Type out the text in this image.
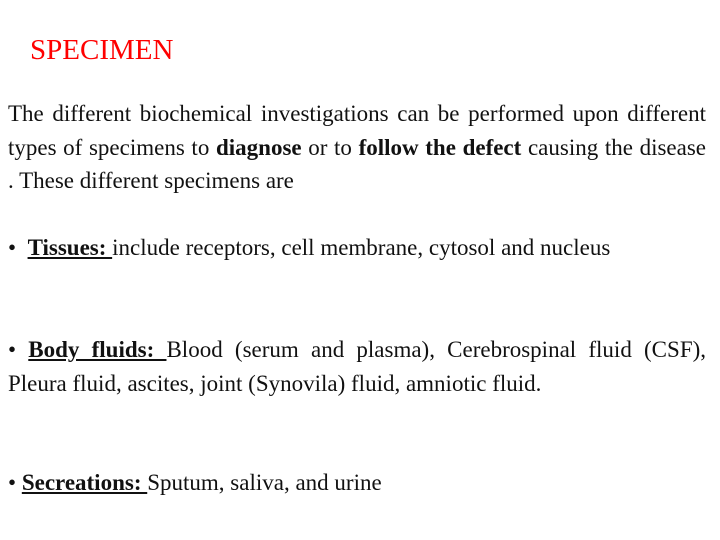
SPECIMEN

The different biochemical investigations can be performed upon different types of specimens to diagnose or to follow the defect causing the disease . These different specimens are

• Tissues: include receptors, cell membrane, cytosol and nucleus

• Body fluids: Blood (serum and plasma), Cerebrospinal fluid (CSF), Pleura fluid, ascites, joint (Synovila) fluid, amniotic fluid.

• Secreations: Sputum, saliva, and urine
